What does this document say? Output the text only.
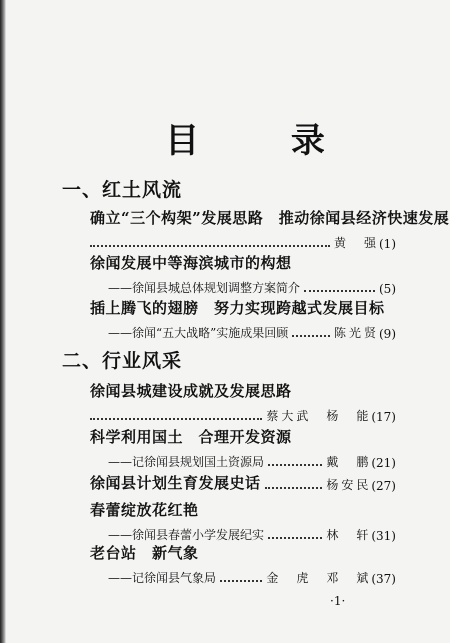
目 录
一、红土风流
确立“三个构架”发展思路　推动徐闻县经济快速发展
黄　强 (1)
徐闻发展中等海滨城市的构想
——徐闻县城总体规划调整方案简介	(5)
插上腾飞的翅膀　努力实现跨越式发展目标
——徐闻“五大战略”实施成果回顾	陈光贤 (9)
二、行业风采
徐闻县城建设成就及发展思路
蔡大武　杨　能 (17)
科学利用国土　合理开发资源
——记徐闻县规划国土资源局	戴　鹏 (21)
徐闻县计划生育发展史话	杨安民 (27)
春蕾绽放花红艳
——徐闻县春蕾小学发展纪实	林　轩 (31)
老台站　新气象
——记徐闻县气象局	金　虎　邓　斌 (37)
·1·
